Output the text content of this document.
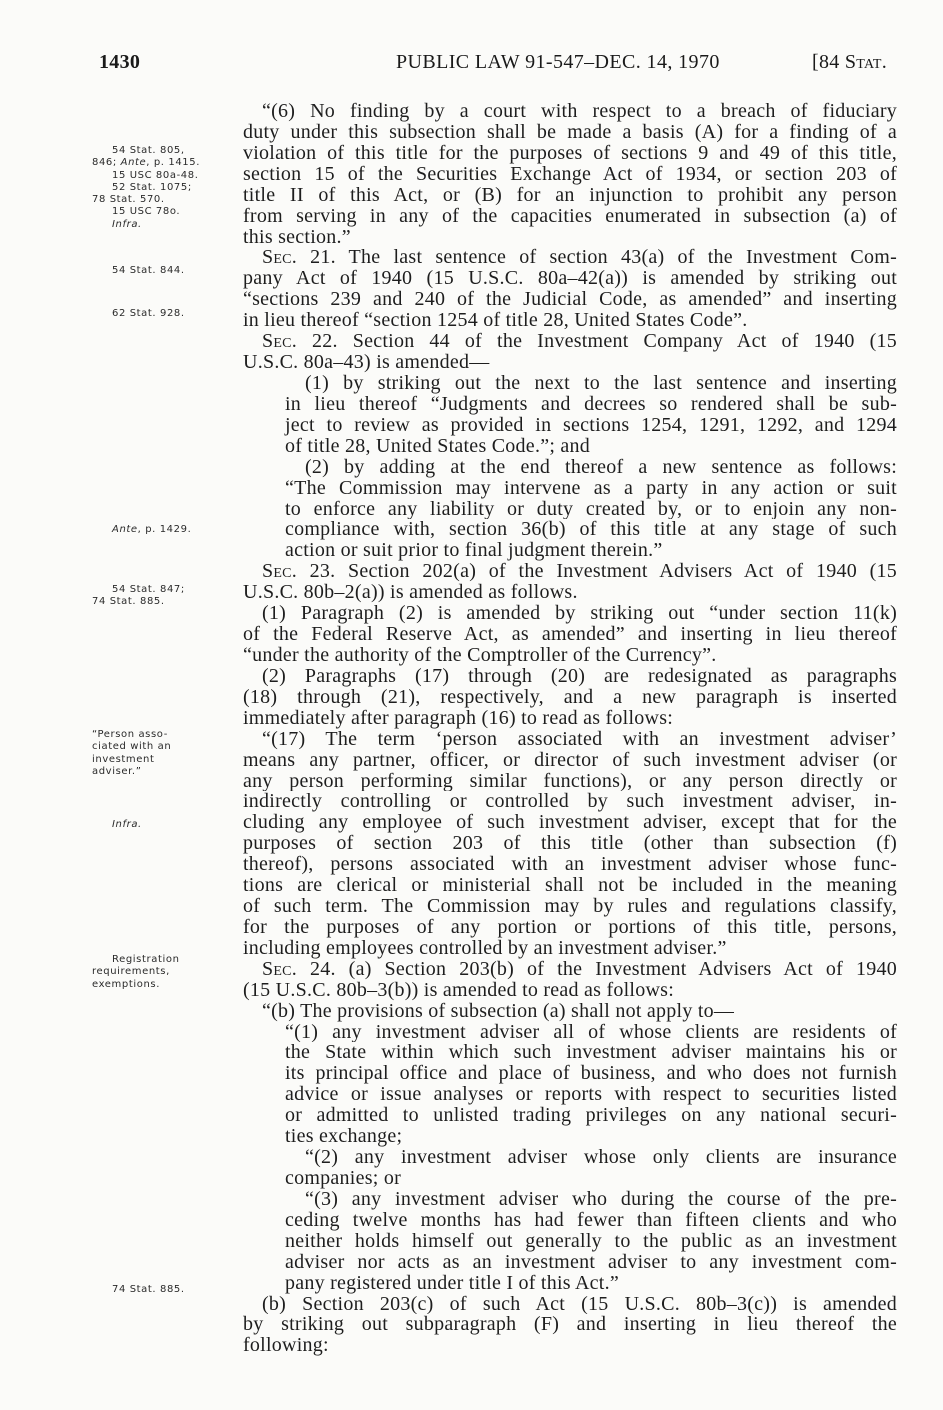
1430	PUBLIC LAW 91-547–DEC. 14, 1970	[84 Stat.
54 Stat. 805,
846; Ante, p. 1415.
15 USC 80a-48.
52 Stat. 1075;
78 Stat. 570.
15 USC 78o.
Infra.
54 Stat. 844.
62 Stat. 928.
Ante, p. 1429.
54 Stat. 847;
74 Stat. 885.
“Person asso-
ciated with an
investment
adviser.”
Infra.
Registration
requirements,
exemptions.
74 Stat. 885.
“(6) No finding by a court with respect to a breach of fiduciary
duty under this subsection shall be made a basis (A) for a finding of a
violation of this title for the purposes of sections 9 and 49 of this title,
section 15 of the Securities Exchange Act of 1934, or section 203 of
title II of this Act, or (B) for an injunction to prohibit any person
from serving in any of the capacities enumerated in subsection (a) of
this section.”
Sec. 21. The last sentence of section 43(a) of the Investment Com-
pany Act of 1940 (15 U.S.C. 80a–42(a)) is amended by striking out
“sections 239 and 240 of the Judicial Code, as amended” and inserting
in lieu thereof “section 1254 of title 28, United States Code”.
Sec. 22. Section 44 of the Investment Company Act of 1940 (15
U.S.C. 80a–43) is amended—
(1) by striking out the next to the last sentence and inserting
in lieu thereof “Judgments and decrees so rendered shall be sub-
ject to review as provided in sections 1254, 1291, 1292, and 1294
of title 28, United States Code.”; and
(2) by adding at the end thereof a new sentence as follows:
“The Commission may intervene as a party in any action or suit
to enforce any liability or duty created by, or to enjoin any non-
compliance with, section 36(b) of this title at any stage of such
action or suit prior to final judgment therein.”
Sec. 23. Section 202(a) of the Investment Advisers Act of 1940 (15
U.S.C. 80b–2(a)) is amended as follows.
(1) Paragraph (2) is amended by striking out “under section 11(k)
of the Federal Reserve Act, as amended” and inserting in lieu thereof
“under the authority of the Comptroller of the Currency”.
(2) Paragraphs (17) through (20) are redesignated as paragraphs
(18) through (21), respectively, and a new paragraph is inserted
immediately after paragraph (16) to read as follows:
“(17) The term ‘person associated with an investment adviser’
means any partner, officer, or director of such investment adviser (or
any person performing similar functions), or any person directly or
indirectly controlling or controlled by such investment adviser, in-
cluding any employee of such investment adviser, except that for the
purposes of section 203 of this title (other than subsection (f)
thereof), persons associated with an investment adviser whose func-
tions are clerical or ministerial shall not be included in the meaning
of such term. The Commission may by rules and regulations classify,
for the purposes of any portion or portions of this title, persons,
including employees controlled by an investment adviser.”
Sec. 24. (a) Section 203(b) of the Investment Advisers Act of 1940
(15 U.S.C. 80b–3(b)) is amended to read as follows:
“(b) The provisions of subsection (a) shall not apply to—
“(1) any investment adviser all of whose clients are residents of
the State within which such investment adviser maintains his or
its principal office and place of business, and who does not furnish
advice or issue analyses or reports with respect to securities listed
or admitted to unlisted trading privileges on any national securi-
ties exchange;
“(2) any investment adviser whose only clients are insurance
companies; or
“(3) any investment adviser who during the course of the pre-
ceding twelve months has had fewer than fifteen clients and who
neither holds himself out generally to the public as an investment
adviser nor acts as an investment adviser to any investment com-
pany registered under title I of this Act.”
(b) Section 203(c) of such Act (15 U.S.C. 80b–3(c)) is amended
by striking out subparagraph (F) and inserting in lieu thereof the
following:
